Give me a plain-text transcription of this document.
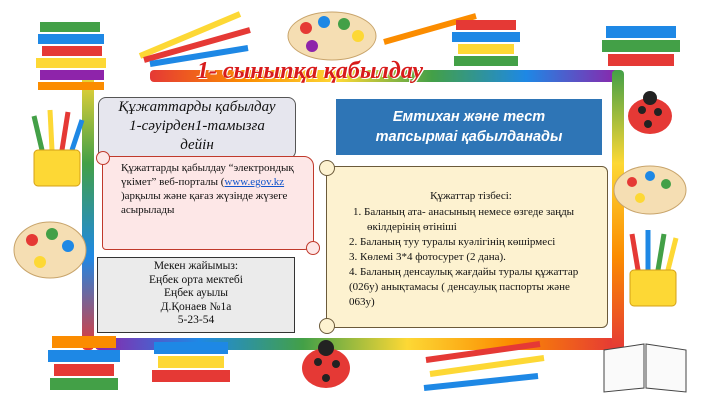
1- сыныпқа қабылдау
Құжаттарды қабылдау
1-сәуірден1-тамызға
дейін
Емтихан және тест
тапсырмаі қабылданады
Құжаттарды қабылдау “электрондық үкімет” веб-порталы (www.egov.kz )арқылы және қағаз жүзінде жүзеге асырылады
Мекен жайымыз:
Еңбек орта мектебі
Еңбек ауылы
Д.Қонаев №1а
5-23-54
Құжаттар тізбесі:
1. Баланың ата- анасының немесе өзгеде заңды өкілдерінің өтініші
2. Баланың туу туралы куәлігінің көшірмесі
3. Көлемі 3*4 фотосурет (2 дана).
4. Баланың денсаулық жағдайы туралы құжаттар (026у) анықтамасы ( денсаулық паспорты және 063у)
